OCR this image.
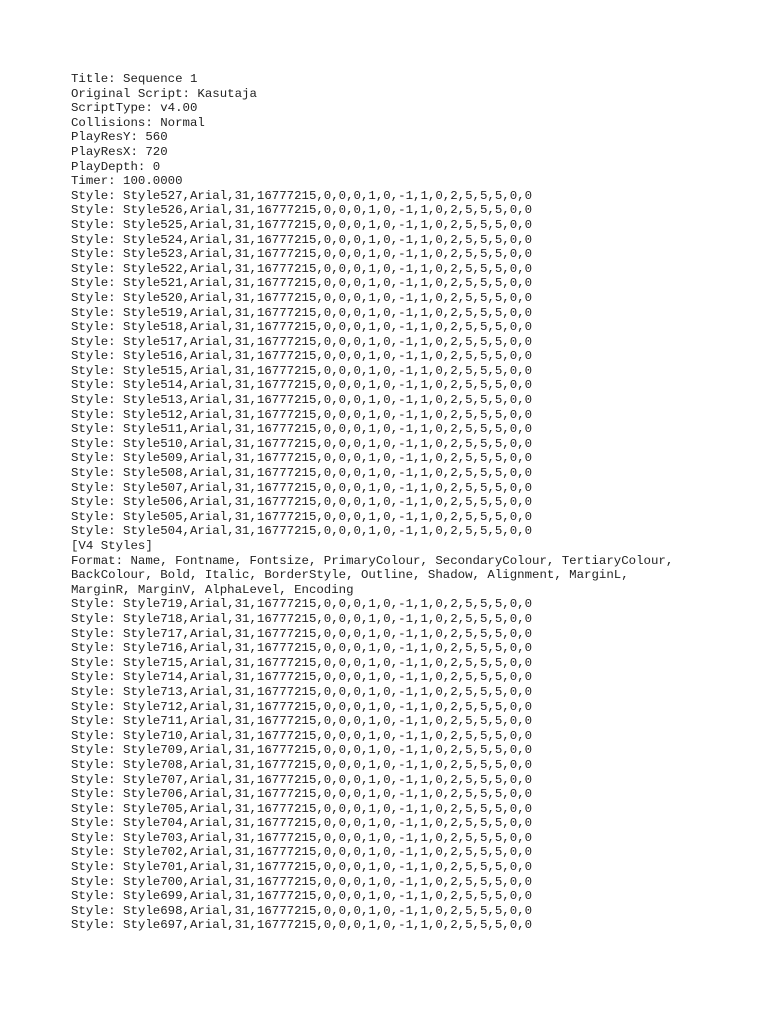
Title: Sequence 1
Original Script: Kasutaja
ScriptType: v4.00
Collisions: Normal
PlayResY: 560
PlayResX: 720
PlayDepth: 0
Timer: 100.0000
Style: Style527,Arial,31,16777215,0,0,0,1,0,-1,1,0,2,5,5,5,0,0
Style: Style526,Arial,31,16777215,0,0,0,1,0,-1,1,0,2,5,5,5,0,0
Style: Style525,Arial,31,16777215,0,0,0,1,0,-1,1,0,2,5,5,5,0,0
Style: Style524,Arial,31,16777215,0,0,0,1,0,-1,1,0,2,5,5,5,0,0
Style: Style523,Arial,31,16777215,0,0,0,1,0,-1,1,0,2,5,5,5,0,0
Style: Style522,Arial,31,16777215,0,0,0,1,0,-1,1,0,2,5,5,5,0,0
Style: Style521,Arial,31,16777215,0,0,0,1,0,-1,1,0,2,5,5,5,0,0
Style: Style520,Arial,31,16777215,0,0,0,1,0,-1,1,0,2,5,5,5,0,0
Style: Style519,Arial,31,16777215,0,0,0,1,0,-1,1,0,2,5,5,5,0,0
Style: Style518,Arial,31,16777215,0,0,0,1,0,-1,1,0,2,5,5,5,0,0
Style: Style517,Arial,31,16777215,0,0,0,1,0,-1,1,0,2,5,5,5,0,0
Style: Style516,Arial,31,16777215,0,0,0,1,0,-1,1,0,2,5,5,5,0,0
Style: Style515,Arial,31,16777215,0,0,0,1,0,-1,1,0,2,5,5,5,0,0
Style: Style514,Arial,31,16777215,0,0,0,1,0,-1,1,0,2,5,5,5,0,0
Style: Style513,Arial,31,16777215,0,0,0,1,0,-1,1,0,2,5,5,5,0,0
Style: Style512,Arial,31,16777215,0,0,0,1,0,-1,1,0,2,5,5,5,0,0
Style: Style511,Arial,31,16777215,0,0,0,1,0,-1,1,0,2,5,5,5,0,0
Style: Style510,Arial,31,16777215,0,0,0,1,0,-1,1,0,2,5,5,5,0,0
Style: Style509,Arial,31,16777215,0,0,0,1,0,-1,1,0,2,5,5,5,0,0
Style: Style508,Arial,31,16777215,0,0,0,1,0,-1,1,0,2,5,5,5,0,0
Style: Style507,Arial,31,16777215,0,0,0,1,0,-1,1,0,2,5,5,5,0,0
Style: Style506,Arial,31,16777215,0,0,0,1,0,-1,1,0,2,5,5,5,0,0
Style: Style505,Arial,31,16777215,0,0,0,1,0,-1,1,0,2,5,5,5,0,0
Style: Style504,Arial,31,16777215,0,0,0,1,0,-1,1,0,2,5,5,5,0,0
[V4 Styles]
Format: Name, Fontname, Fontsize, PrimaryColour, SecondaryColour, TertiaryColour,
BackColour, Bold, Italic, BorderStyle, Outline, Shadow, Alignment, MarginL,
MarginR, MarginV, AlphaLevel, Encoding
Style: Style719,Arial,31,16777215,0,0,0,1,0,-1,1,0,2,5,5,5,0,0
Style: Style718,Arial,31,16777215,0,0,0,1,0,-1,1,0,2,5,5,5,0,0
Style: Style717,Arial,31,16777215,0,0,0,1,0,-1,1,0,2,5,5,5,0,0
Style: Style716,Arial,31,16777215,0,0,0,1,0,-1,1,0,2,5,5,5,0,0
Style: Style715,Arial,31,16777215,0,0,0,1,0,-1,1,0,2,5,5,5,0,0
Style: Style714,Arial,31,16777215,0,0,0,1,0,-1,1,0,2,5,5,5,0,0
Style: Style713,Arial,31,16777215,0,0,0,1,0,-1,1,0,2,5,5,5,0,0
Style: Style712,Arial,31,16777215,0,0,0,1,0,-1,1,0,2,5,5,5,0,0
Style: Style711,Arial,31,16777215,0,0,0,1,0,-1,1,0,2,5,5,5,0,0
Style: Style710,Arial,31,16777215,0,0,0,1,0,-1,1,0,2,5,5,5,0,0
Style: Style709,Arial,31,16777215,0,0,0,1,0,-1,1,0,2,5,5,5,0,0
Style: Style708,Arial,31,16777215,0,0,0,1,0,-1,1,0,2,5,5,5,0,0
Style: Style707,Arial,31,16777215,0,0,0,1,0,-1,1,0,2,5,5,5,0,0
Style: Style706,Arial,31,16777215,0,0,0,1,0,-1,1,0,2,5,5,5,0,0
Style: Style705,Arial,31,16777215,0,0,0,1,0,-1,1,0,2,5,5,5,0,0
Style: Style704,Arial,31,16777215,0,0,0,1,0,-1,1,0,2,5,5,5,0,0
Style: Style703,Arial,31,16777215,0,0,0,1,0,-1,1,0,2,5,5,5,0,0
Style: Style702,Arial,31,16777215,0,0,0,1,0,-1,1,0,2,5,5,5,0,0
Style: Style701,Arial,31,16777215,0,0,0,1,0,-1,1,0,2,5,5,5,0,0
Style: Style700,Arial,31,16777215,0,0,0,1,0,-1,1,0,2,5,5,5,0,0
Style: Style699,Arial,31,16777215,0,0,0,1,0,-1,1,0,2,5,5,5,0,0
Style: Style698,Arial,31,16777215,0,0,0,1,0,-1,1,0,2,5,5,5,0,0
Style: Style697,Arial,31,16777215,0,0,0,1,0,-1,1,0,2,5,5,5,0,0
